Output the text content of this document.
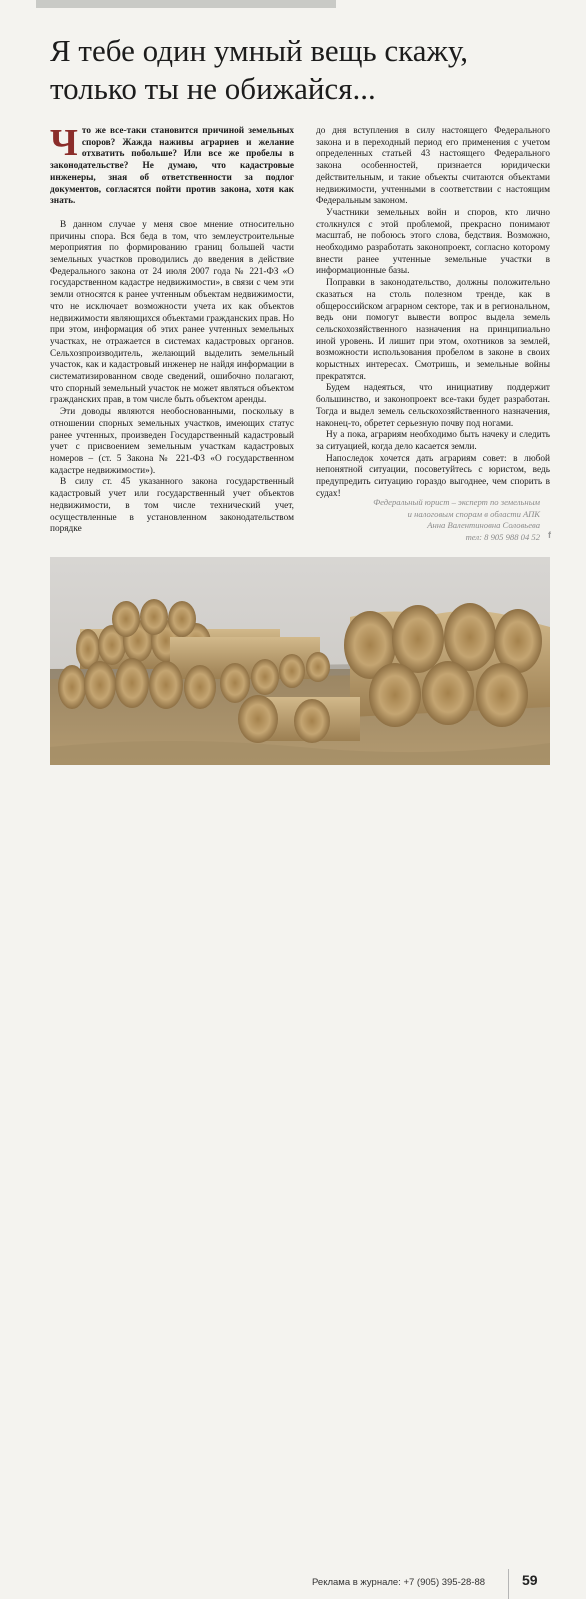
Я тебе один умный вещь скажу,
только ты не обижайся...

Что же все-таки становится причиной земельных споров? Жажда наживы аграриев и желание отхватить побольше? Или все же пробелы в законодательстве? Не думаю, что кадастровые инженеры, зная об ответственности за подлог документов, согласятся пойти против закона, хотя как знать.

В данном случае у меня свое мнение относительно причины спора. Вся беда в том, что землеустроительные мероприятия по формированию границ большей части земельных участков проводились до введения в действие Федерального закона от 24 июля 2007 года № 221-ФЗ «О государственном кадастре недвижимости», в связи с чем эти земли относятся к ранее учтенным объектам недвижимости, что не исключает возможности учета их как объектов недвижимости являющихся объектами гражданских прав. Но при этом, информация об этих ранее учтенных земельных участках, не отражается в системах кадастровых органов. Сельхозпроизводитель, желающий выделить земельный участок, как и кадастровый инженер не найдя информации в систематизированном своде сведений, ошибочно полагают, что спорный земельный участок не может являться объектом гражданских прав, в том числе быть объектом аренды.

Эти доводы являются необоснованными, поскольку в отношении спорных земельных участков, имеющих статус ранее учтенных, произведен Государственный кадастровый учет с присвоением земельным участкам кадастровых номеров – (ст. 5 Закона № 221-ФЗ «О государственном кадастре недвижимости»).

В силу ст. 45 указанного закона государственный кадастровый учет или государственный учет объектов недвижимости, в том числе технический учет, осуществленные в установленном законодательством порядке

до дня вступления в силу настоящего Федерального закона и в переходный период его применения с учетом определенных статьей 43 настоящего Федерального закона особенностей, признается юридически действительным, и такие объекты считаются объектами недвижимости, учтенными в соответствии с настоящим Федеральным законом.

Участники земельных войн и споров, кто лично столкнулся с этой проблемой, прекрасно понимают масштаб, не побоюсь этого слова, бедствия. Возможно, необходимо разработать законопроект, согласно которому внести ранее учтенные земельные участки в информационные базы.

Поправки в законодательство, должны положительно сказаться на столь полезном тренде, как в общероссийском аграрном секторе, так и в региональном, ведь они помогут вывести вопрос выдела земель сельскохозяйственного назначения на принципиально иной уровень. И лишит при этом, охотников за землей, возможности использования пробелом в законе в своих корыстных интересах. Смотришь, и земельные войны прекратятся.

Будем надеяться, что инициативу поддержит большинство, и законопроект все-таки будет разработан. Тогда и выдел земель сельскохозяйственного назначения, наконец-то, обретет серьезную почву под ногами.

Ну а пока, аграриям необходимо быть начеку и следить за ситуацией, когда дело касается земли.

Напоследок хочется дать аграриям совет: в любой непонятной ситуации, посоветуйтесь с юристом, ведь предупредить ситуацию гораздо выгоднее, чем спорить в судах!

Федеральный юрист – эксперт по земельным
и налоговым спорам в области АПК
Анна Валентиновна Соловьева
тел: 8 905 988 04 52 f
Реклама в журнале: +7 (905) 395-28-88	59
